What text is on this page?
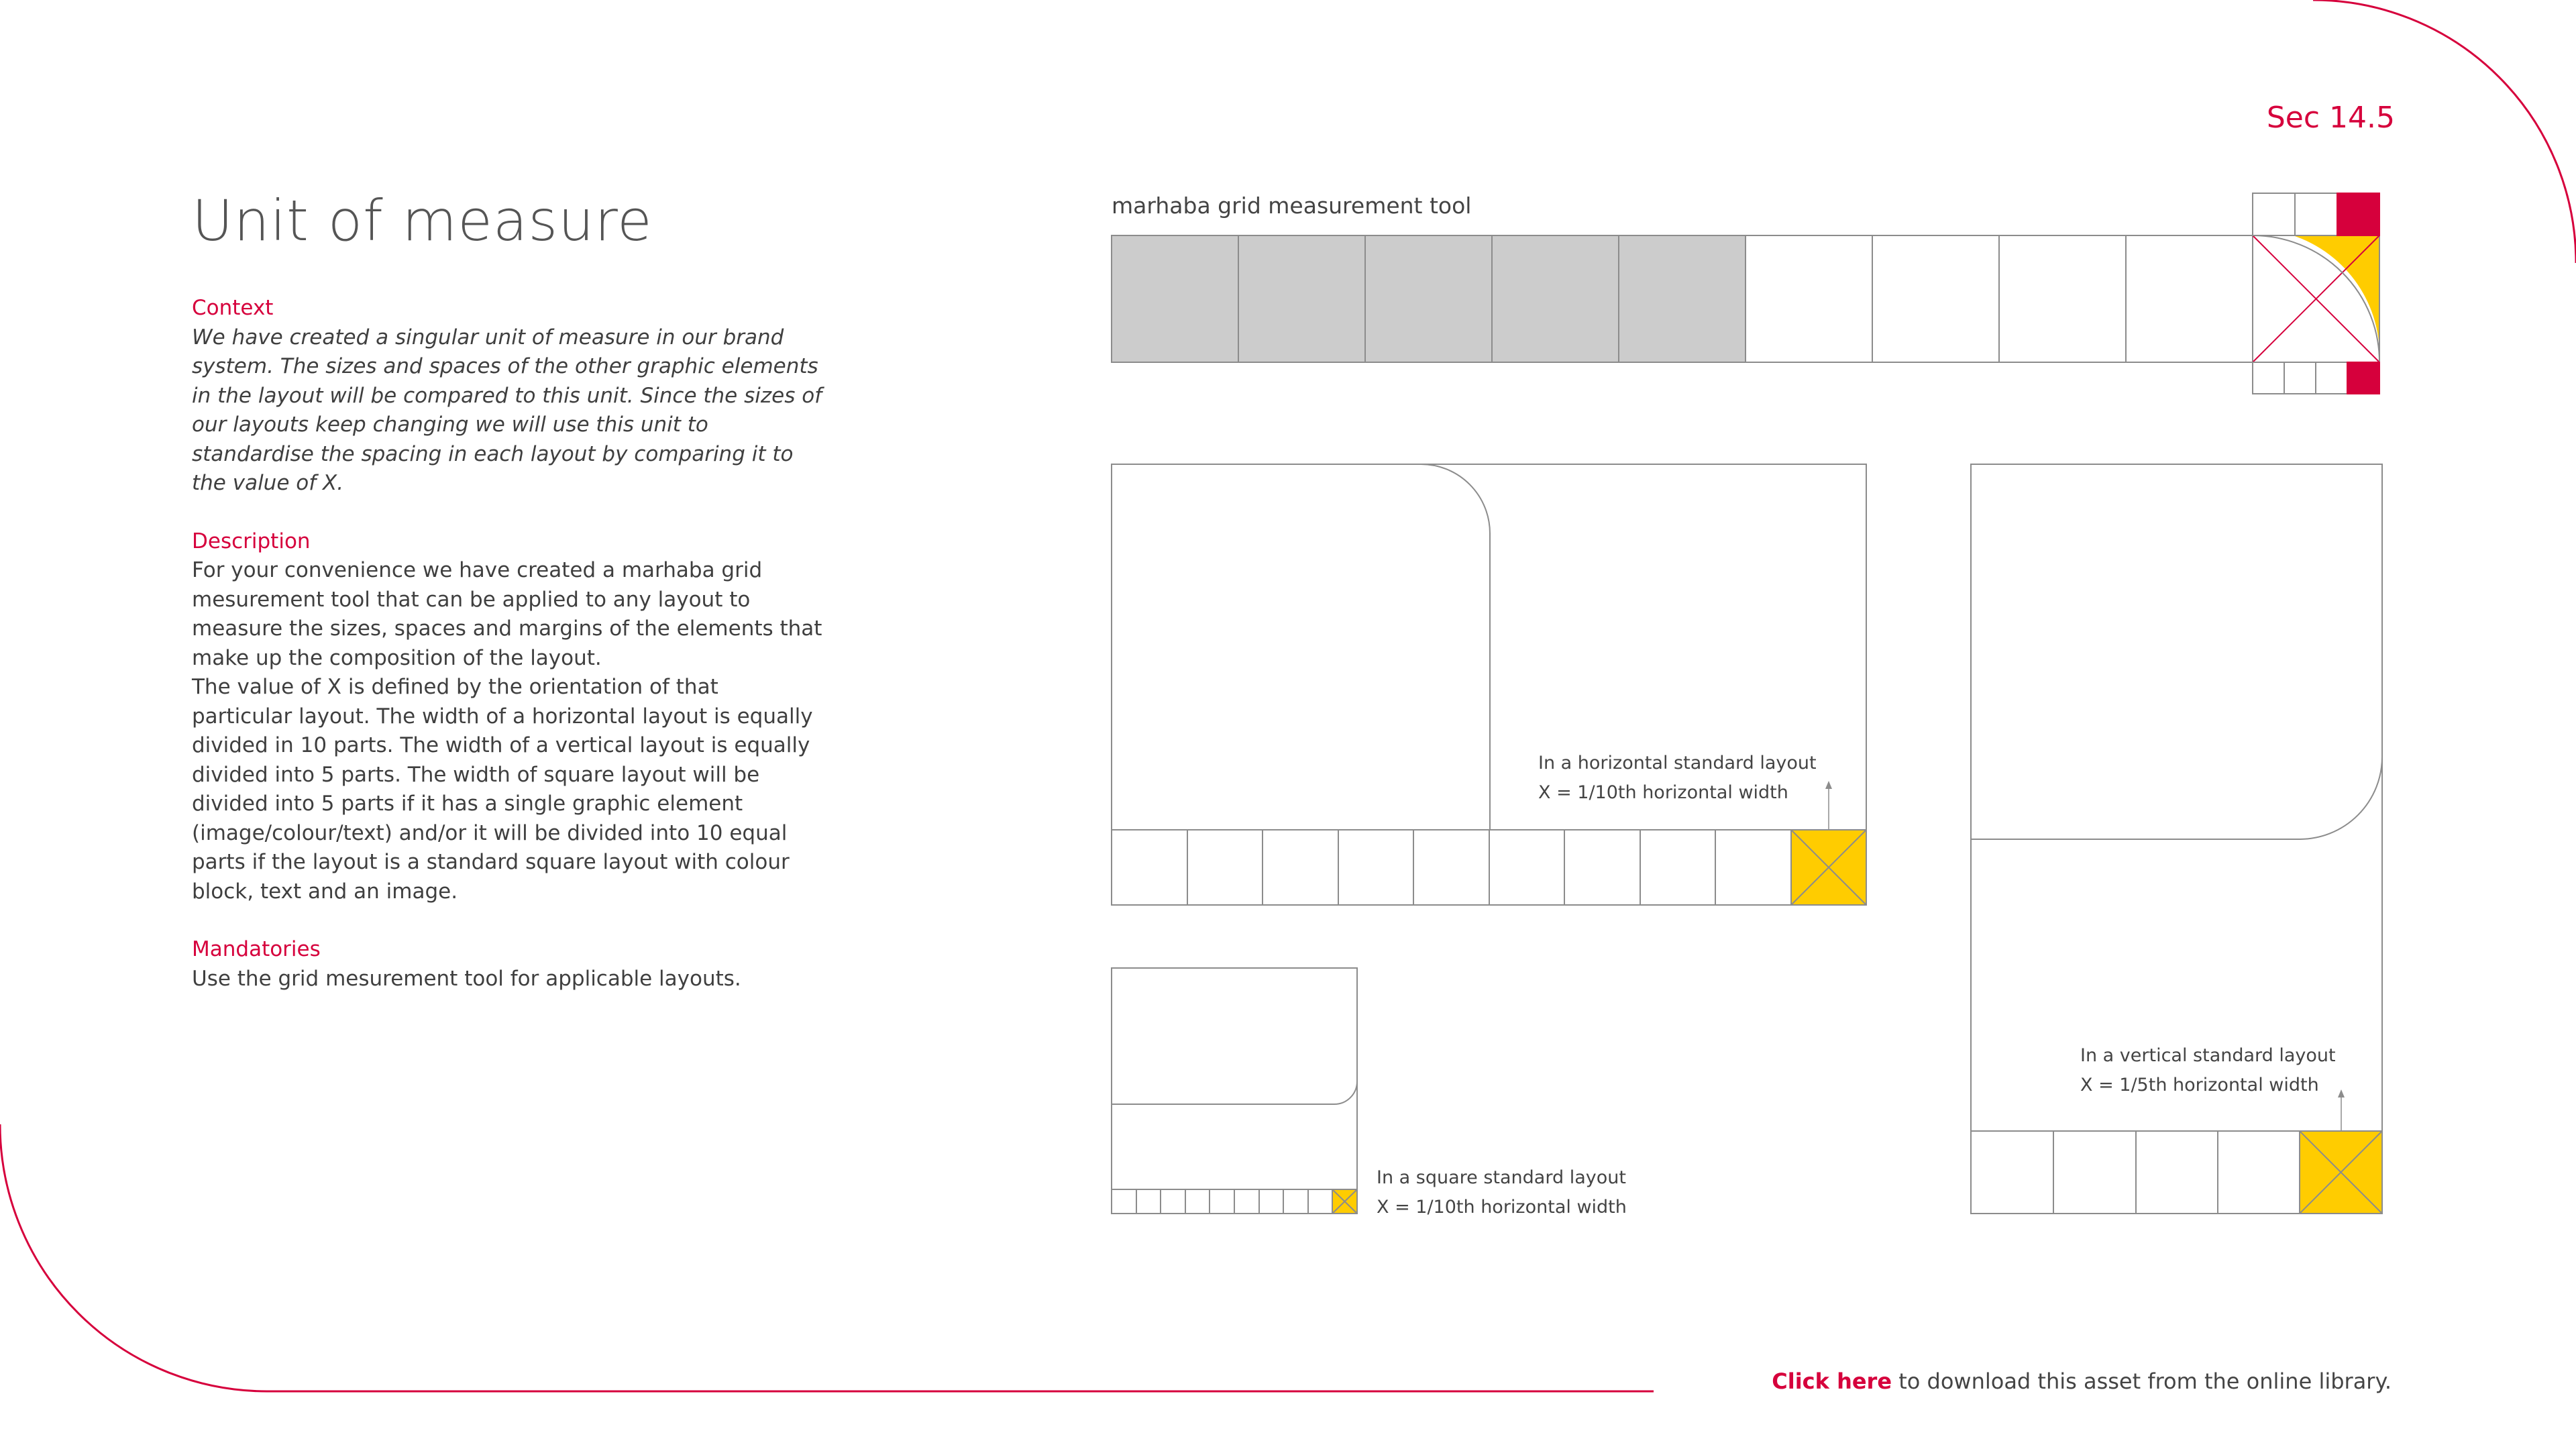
Sec 14.5
Unit of measure

Context

We have created a singular unit of measure in our brand system. The sizes and spaces of the other graphic elements in the layout will be compared to this unit. Since the sizes of our layouts keep changing we will use this unit to standardise the spacing in each layout by comparing it to the value of X.

Description

For your convenience we have created a marhaba grid mesurement tool that can be applied to any layout to measure the sizes, spaces and margins of the elements that make up the composition of the layout.

The value of X is defined by the orientation of that particular layout. The width of a horizontal layout is equally divided in 10 parts. The width of a vertical layout is equally divided into 5 parts. The width of square layout will be divided into 5 parts if it has a single graphic element (image/colour/text) and/or it will be divided into 10 equal parts if the layout is a standard square layout with colour block, text and an image.

Mandatories

Use the grid mesurement tool for applicable layouts.

marhaba grid measurement tool
In a horizontal standard layout
X = 1/10th horizontal width
In a vertical standard layout
X = 1/5th horizontal width
In a square standard layout
X = 1/10th horizontal width
Click here to download this asset from the online library.
